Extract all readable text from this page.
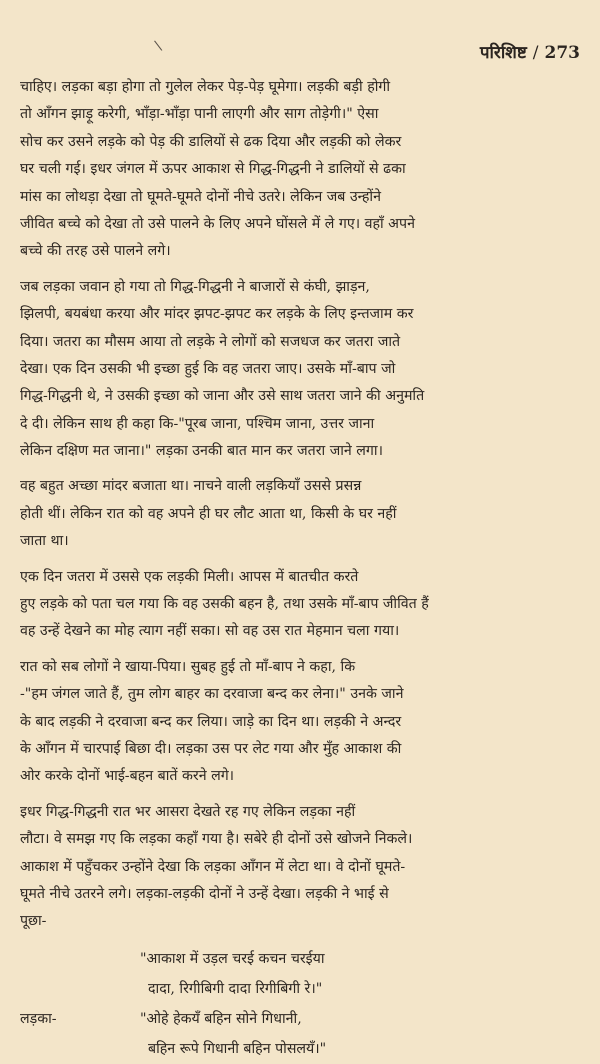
\	परिशिष्ट / 273
चाहिए। लड़का बड़ा होगा तो गुलेल लेकर पेड़-पेड़ घूमेगा। लड़की बड़ी होगी
तो आँगन झाड़ू करेगी, भाँड़ा-भाँड़ा पानी लाएगी और साग तोड़ेगी।" ऐसा
सोच कर उसने लड़के को पेड़ की डालियों से ढक दिया और लड़की को लेकर
घर चली गई। इधर जंगल में ऊपर आकाश से गिद्ध-गिद्धनी ने डालियों से ढका
मांस का लोथड़ा देखा तो घूमते-घूमते दोनों नीचे उतरे। लेकिन जब उन्होंने
जीवित बच्चे को देखा तो उसे पालने के लिए अपने घोंसले में ले गए। वहाँ अपने
बच्चे की तरह उसे पालने लगे।
जब लड़का जवान हो गया तो गिद्ध-गिद्धनी ने बाजारों से कंघी, झाड़न,
झिलपी, बयबंधा करया और मांदर झपट-झपट कर लड़के के लिए इन्तजाम कर
दिया। जतरा का मौसम आया तो लड़के ने लोगों को सजधज कर जतरा जाते
देखा। एक दिन उसकी भी इच्छा हुई कि वह जतरा जाए। उसके माँ-बाप जो
गिद्ध-गिद्धनी थे, ने उसकी इच्छा को जाना और उसे साथ जतरा जाने की अनुमति
दे दी। लेकिन साथ ही कहा कि-"पूरब जाना, पश्चिम जाना, उत्तर जाना
लेकिन दक्षिण मत जाना।" लड़का उनकी बात मान कर जतरा जाने लगा।
वह बहुत अच्छा मांदर बजाता था। नाचने वाली लड़कियाँ उससे प्रसन्न
होती थीं। लेकिन रात को वह अपने ही घर लौट आता था, किसी के घर नहीं
जाता था।
एक दिन जतरा में उससे एक लड़की मिली। आपस में बातचीत करते
हुए लड़के को पता चल गया कि वह उसकी बहन है, तथा उसके माँ-बाप जीवित हैं
वह उन्हें देखने का मोह त्याग नहीं सका। सो वह उस रात मेहमान चला गया।
रात को सब लोगों ने खाया-पिया। सुबह हुई तो माँ-बाप ने कहा, कि
-"हम जंगल जाते हैं, तुम लोग बाहर का दरवाजा बन्द कर लेना।" उनके जाने
के बाद लड़की ने दरवाजा बन्द कर लिया। जाड़े का दिन था। लड़की ने अन्दर
के आँगन में चारपाई बिछा दी। लड़का उस पर लेट गया और मुँह आकाश की
ओर करके दोनों भाई-बहन बातें करने लगे।
इधर गिद्ध-गिद्धनी रात भर आसरा देखते रह गए लेकिन लड़का नहीं
लौटा। वे समझ गए कि लड़का कहाँ गया है। सबेरे ही दोनों उसे खोजने निकले।
आकाश में पहुँचकर उन्होंने देखा कि लड़का आँगन में लेटा था। वे दोनों घूमते-
घूमते नीचे उतरने लगे। लड़का-लड़की दोनों ने उन्हें देखा। लड़की ने भाई से
पूछा-
"आकाश में उड़ल चरई कचन चरईया
दादा, रिगीबिगी दादा रिगीबिगी रे।"
लड़का-	"ओहे हेकयँ बहिन सोने गिधानी,
बहिन रूपे गिधानी बहिन पोसलयँ।"
